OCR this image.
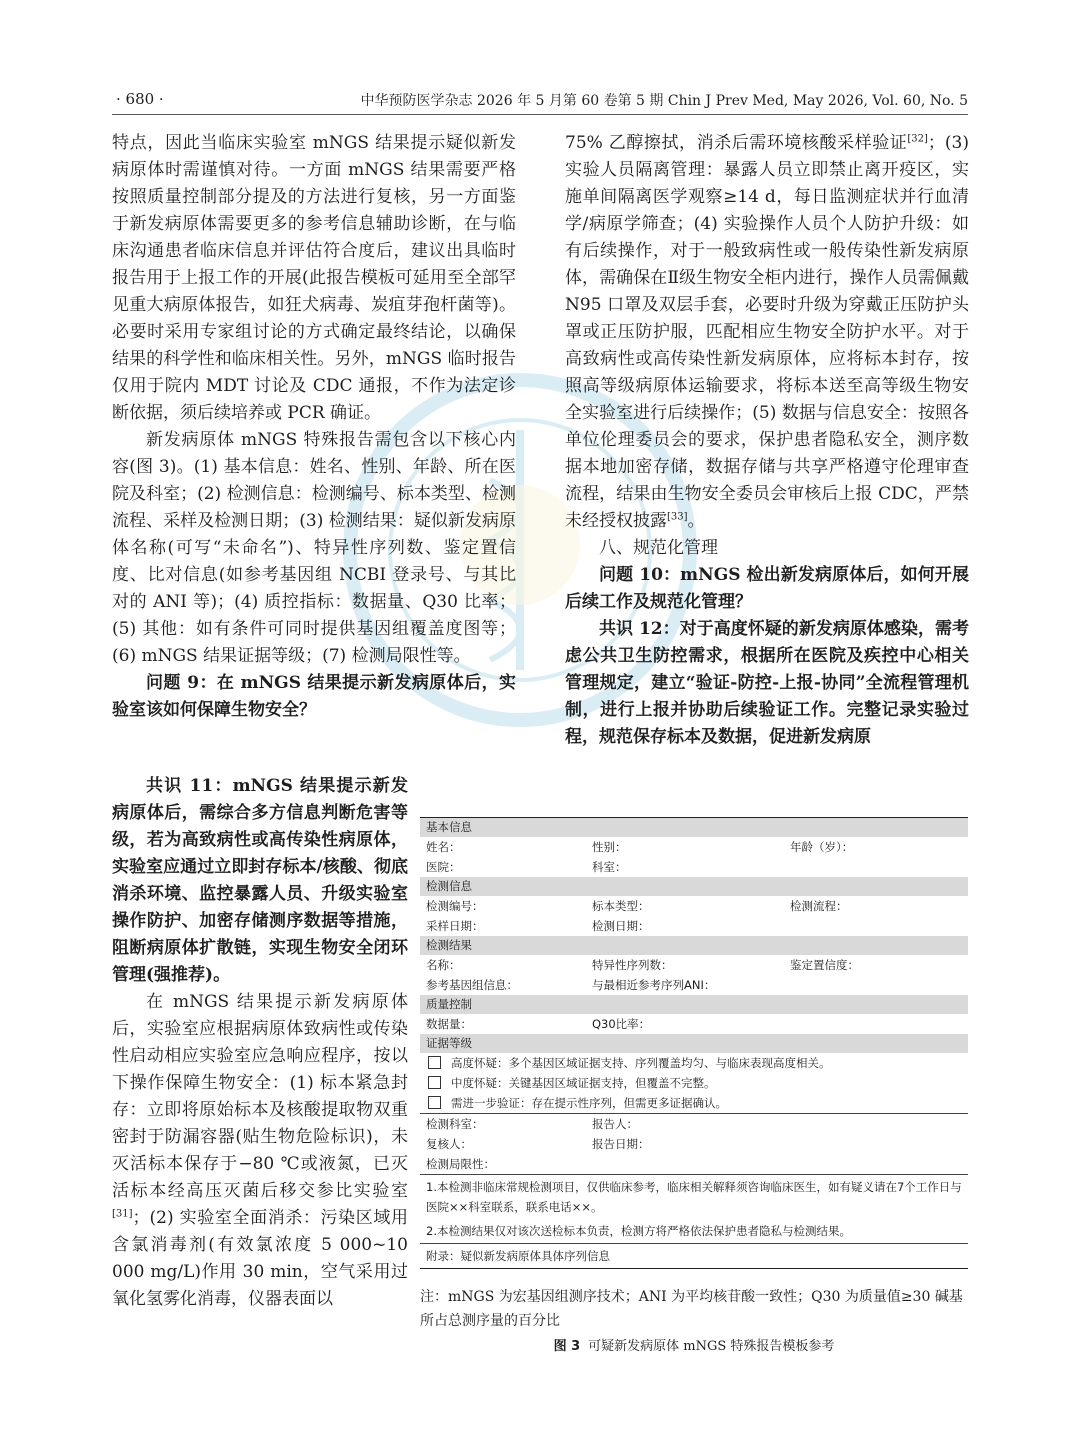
· 680 ·	中华预防医学杂志 2026 年 5 月第 60 卷第 5 期 Chin J Prev Med, May 2026, Vol. 60, No. 5

特点，因此当临床实验室 mNGS 结果提示疑似新发病原体时需谨慎对待。一方面 mNGS 结果需要严格按照质量控制部分提及的方法进行复核，另一方面鉴于新发病原体需要更多的参考信息辅助诊断，在与临床沟通患者临床信息并评估符合度后，建议出具临时报告用于上报工作的开展(此报告模板可延用至全部罕见重大病原体报告，如狂犬病毒、炭疽芽孢杆菌等)。必要时采用专家组讨论的方式确定最终结论，以确保结果的科学性和临床相关性。另外，mNGS 临时报告仅用于院内 MDT 讨论及 CDC 通报，不作为法定诊断依据，须后续培养或 PCR 确证。

新发病原体 mNGS 特殊报告需包含以下核心内容(图 3)。(1) 基本信息：姓名、性别、年龄、所在医院及科室；(2) 检测信息：检测编号、标本类型、检测流程、采样及检测日期；(3) 检测结果：疑似新发病原体名称(可写“未命名”)、特异性序列数、鉴定置信度、比对信息(如参考基因组 NCBI 登录号、与其比对的 ANI 等)；(4) 质控指标：数据量、Q30 比率；(5) 其他：如有条件可同时提供基因组覆盖度图等；(6) mNGS 结果证据等级；(7) 检测局限性等。

问题 9：在 mNGS 结果提示新发病原体后，实验室该如何保障生物安全？

共识 11：mNGS 结果提示新发病原体后，需综合多方信息判断危害等级，若为高致病性或高传染性病原体，实验室应通过立即封存标本/核酸、彻底消杀环境、监控暴露人员、升级实验室操作防护、加密存储测序数据等措施，阻断病原体扩散链，实现生物安全闭环管理(强推荐)。

在 mNGS 结果提示新发病原体后，实验室应根据病原体致病性或传染性启动相应实验室应急响应程序，按以下操作保障生物安全：(1) 标本紧急封存：立即将原始标本及核酸提取物双重密封于防漏容器(贴生物危险标识)，未灭活标本保存于−80 ℃或液氮，已灭活标本经高压灭菌后移交参比实验室[31]；(2) 实验室全面消杀：污染区域用含氯消毒剂(有效氯浓度 5 000~10 000 mg/L)作用 30 min，空气采用过氧化氢雾化消毒，仪器表面以

75% 乙醇擦拭，消杀后需环境核酸采样验证[32]；(3) 实验人员隔离管理：暴露人员立即禁止离开疫区，实施单间隔离医学观察≥14 d，每日监测症状并行血清学/病原学筛查；(4) 实验操作人员个人防护升级：如有后续操作，对于一般致病性或一般传染性新发病原体，需确保在Ⅱ级生物安全柜内进行，操作人员需佩戴 N95 口罩及双层手套，必要时升级为穿戴正压防护头罩或正压防护服，匹配相应生物安全防护水平。对于高致病性或高传染性新发病原体，应将标本封存，按照高等级病原体运输要求，将标本送至高等级生物安全实验室进行后续操作；(5) 数据与信息安全：按照各单位伦理委员会的要求，保护患者隐私安全，测序数据本地加密存储，数据存储与共享严格遵守伦理审查流程，结果由生物安全委员会审核后上报 CDC，严禁未经授权披露[33]。

八、规范化管理

问题 10：mNGS 检出新发病原体后，如何开展后续工作及规范化管理？

共识 12：对于高度怀疑的新发病原体感染，需考虑公共卫生防控需求，根据所在医院及疾控中心相关管理规定，建立“验证-防控-上报-协同”全流程管理机制，进行上报并协助后续验证工作。完整记录实验过程，规范保存标本及数据，促进新发病原

基本信息
姓名：	性别：	年龄（岁）：
医院：	科室：
检测信息
检测编号：	标本类型：	检测流程：
采样日期：	检测日期：
检测结果
名称：	特异性序列数：	鉴定置信度：
参考基因组信息：	与最相近参考序列ANI：
质量控制
数据量：	Q30比率：
证据等级
高度怀疑：多个基因区域证据支持、序列覆盖均匀、与临床表现高度相关。
中度怀疑：关键基因区域证据支持，但覆盖不完整。
需进一步验证：存在提示性序列，但需更多证据确认。
检测科室：	报告人：
复核人：	报告日期：
检测局限性：
1.本检测非临床常规检测项目，仅供临床参考，临床相关解释须咨询临床医生，如有疑义请在7个工作日与医院××科室联系，联系电话××。
2.本检测结果仅对该次送检标本负责，检测方将严格依法保护患者隐私与检测结果。
附录：疑似新发病原体具体序列信息
注：mNGS 为宏基因组测序技术；ANI 为平均核苷酸一致性；Q30 为质量值≥30 碱基所占总测序量的百分比
图 3 可疑新发病原体 mNGS 特殊报告模板参考
